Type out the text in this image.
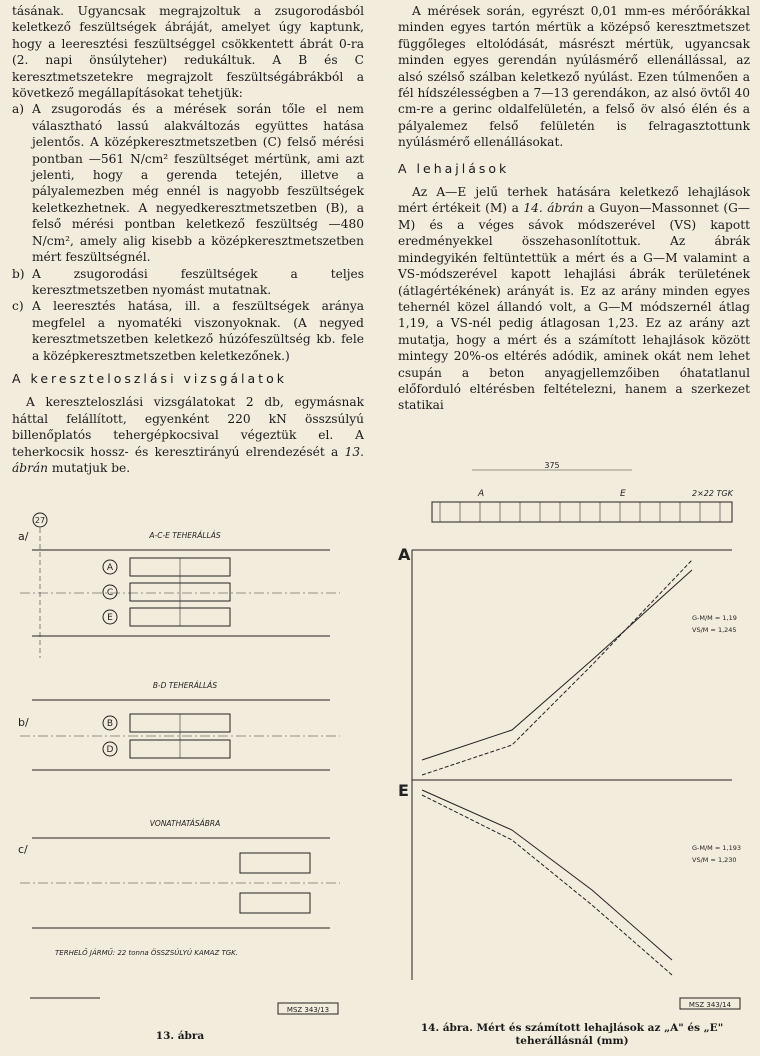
tásának. Ugyancsak megrajzoltuk a zsugorodásból keletkező feszültségek ábráját, amelyet úgy kaptunk, hogy a leeresztési feszültséggel csökkentett ábrát 0-ra (2. napi önsúlyteher) redukáltuk. A B és C keresztmetszetekre megrajzolt feszültségábrákból a következő megállapításokat tehetjük:

a) A zsugorodás és a mérések során tőle el nem választható lassú alakváltozás együttes hatása jelentős. A középkeresztmetszetben (C) felső mérési pontban —561 N/cm² feszültséget mértünk, ami azt jelenti, hogy a gerenda tetején, illetve a pályalemezben még ennél is nagyobb feszültségek keletkezhetnek. A negyedkeresztmetszetben (B), a felső mérési pontban keletkező feszültség —480 N/cm², amely alig kisebb a középkeresztmetszetben mért feszültségnél.
b) A zsugorodási feszültségek a teljes keresztmetszetben nyomást mutatnak.
c) A leeresztés hatása, ill. a feszültségek aránya megfelel a nyomatéki viszonyoknak. (A negyed keresztmetszetben keletkező húzófeszültség kb. fele a középkeresztmetszetben keletkezőnek.)
A kereszteloszlási vizsgálatok

A kereszteloszlási vizsgálatokat 2 db, egymásnak háttal felállított, egyenként 220 kN összsúlyú billenőplatós tehergépkocsival végeztük el. A teherkocsik hossz- és keresztirányú elrendezését a 13. ábrán mutatjuk be.

A mérések során, egyrészt 0,01 mm-es mérőórákkal minden egyes tartón mértük a középső keresztmetszet függőleges eltolódását, másrészt mértük, ugyancsak minden egyes gerendán nyúlásmérő ellenállással, az alsó szélső szálban keletkező nyúlást. Ezen túlmenően a fél hídszélességben a 7—13 gerendákon, az alsó övtől 40 cm-re a gerinc oldalfelületén, a felső öv alsó élén és a pályalemez felső felületén is felragasztottunk nyúlásmérő ellenállásokat.

A lehajlások

Az A—E jelű terhek hatására keletkező lehajlások mért értékeit (M) a 14. ábrán a Guyon—Massonnet (G—M) és a véges sávok módszerével (VS) kapott eredményekkel összehasonlítottuk. Az ábrák mindegyikén feltüntettük a mért és a G—M valamint a VS-módszerével kapott lehajlási ábrák területének (átlagértékének) arányát is. Ez az arány minden egyes tehernél közel állandó volt, a G—M módszernél átlag 1,19, a VS-nél pedig átlagosan 1,23. Ez az arány azt mutatja, hogy a mért és a számított lehajlások között mintegy 20%-os eltérés adódik, aminek okát nem lehet csupán a beton anyagjellemzőiben óhatatlanul előforduló eltérésben feltételezni, hanem a szerkezet statikai

a/
27
A-C-E TEHERÁLLÁS
A
C
E
b/
B-D TEHERÁLLÁS
B
D
c/
VONATHATÁSÁBRA
TERHELŐ JÁRMŰ: 22 tonna ÖSSZSÚLYÚ KAMAZ TGK.
MSZ 343/13
13. ábra
375
A	E	2×22 TGK
A
G-M/M = 1,19
VS/M = 1,245
E
G-M/M = 1,193
VS/M = 1,230
MSZ 343/14
14. ábra. Mért és számított lehajlások az „A" és „E" teherállásnál (mm)
